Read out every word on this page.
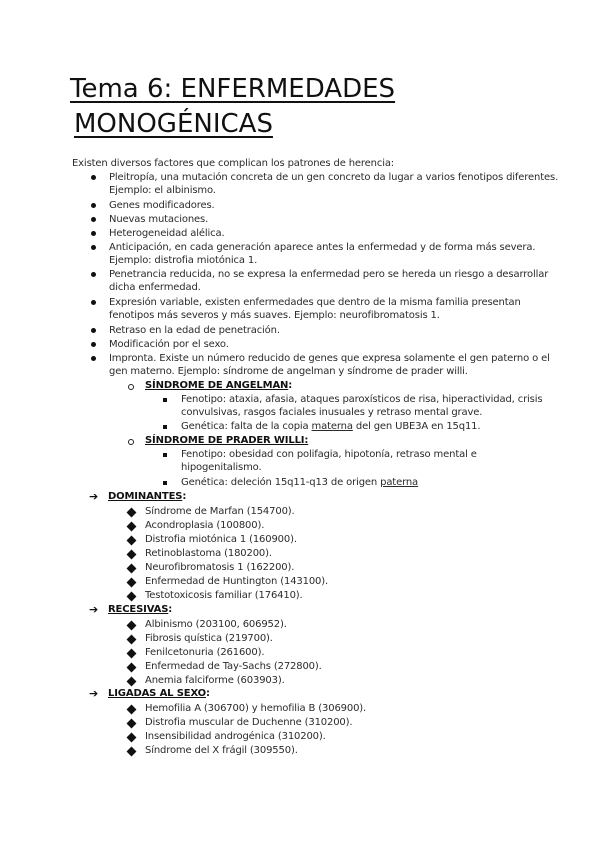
Tema 6: ENFERMEDADES
MONOGÉNICAS
Existen diversos factores que complican los patrones de herencia:
Pleitropía, una mutación concreta de un gen concreto da lugar a varios fenotipos diferentes.
Ejemplo: el albinismo.
Genes modificadores.
Nuevas mutaciones.
Heterogeneidad alélica.
Anticipación, en cada generación aparece antes la enfermedad y de forma más severa.
Ejemplo: distrofia miotónica 1.
Penetrancia reducida, no se expresa la enfermedad pero se hereda un riesgo a desarrollar
dicha enfermedad.
Expresión variable, existen enfermedades que dentro de la misma familia presentan
fenotipos más severos y más suaves. Ejemplo: neurofibromatosis 1.
Retraso en la edad de penetración.
Modificación por el sexo.
Impronta. Existe un número reducido de genes que expresa solamente el gen paterno o el
gen materno. Ejemplo: síndrome de angelman y síndrome de prader willi.
SÍNDROME DE ANGELMAN:
Fenotipo: ataxia, afasia, ataques paroxísticos de risa, hiperactividad, crisis
convulsivas, rasgos faciales inusuales y retraso mental grave.
Genética: falta de la copia materna del gen UBE3A en 15q11.
SÍNDROME DE PRADER WILLI:
Fenotipo: obesidad con polifagia, hipotonía, retraso mental e
hipogenitalismo.
Genética: deleción 15q11-q13 de origen paterna
➔ DOMINANTES:
Síndrome de Marfan (154700).
Acondroplasia (100800).
Distrofia miotónica 1 (160900).
Retinoblastoma (180200).
Neurofibromatosis 1 (162200).
Enfermedad de Huntington (143100).
Testotoxicosis familiar (176410).
➔ RECESIVAS:
Albinismo (203100, 606952).
Fibrosis quística (219700).
Fenilcetonuria (261600).
Enfermedad de Tay-Sachs (272800).
Anemia falciforme (603903).
➔ LIGADAS AL SEXO:
Hemofilia A (306700) y hemofilia B (306900).
Distrofia muscular de Duchenne (310200).
Insensibilidad androgénica (310200).
Síndrome del X frágil (309550).
